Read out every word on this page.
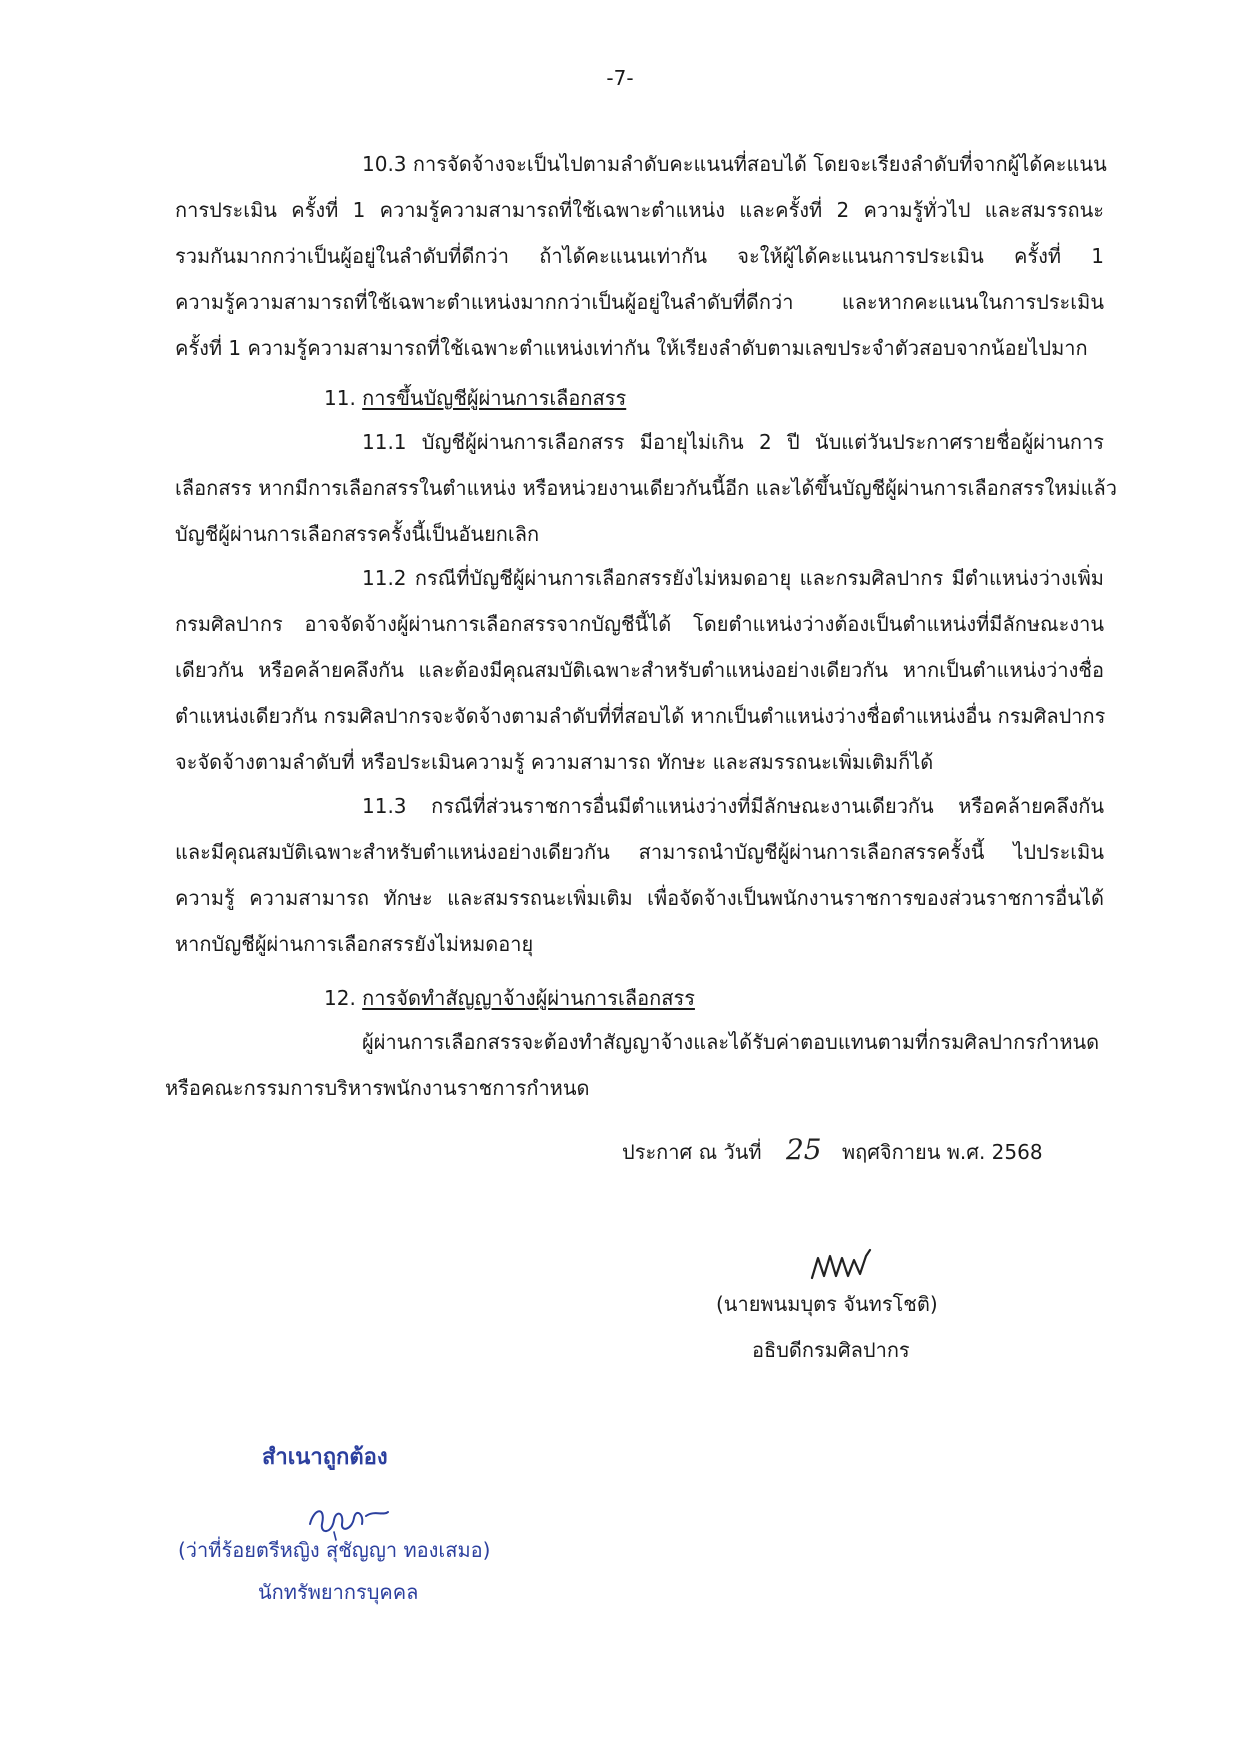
-7-
10.3 การจัดจ้างจะเป็นไปตามลำดับคะแนนที่สอบได้ โดยจะเรียงลำดับที่จากผู้ได้คะแนน
การประเมิน ครั้งที่ 1 ความรู้ความสามารถที่ใช้เฉพาะตำแหน่ง และครั้งที่ 2 ความรู้ทั่วไป และสมรรถนะ
รวมกันมากกว่าเป็นผู้อยู่ในลำดับที่ดีกว่า ถ้าได้คะแนนเท่ากัน จะให้ผู้ได้คะแนนการประเมิน ครั้งที่ 1
ความรู้ความสามารถที่ใช้เฉพาะตำแหน่งมากกว่าเป็นผู้อยู่ในลำดับที่ดีกว่า และหากคะแนนในการประเมิน
ครั้งที่ 1 ความรู้ความสามารถที่ใช้เฉพาะตำแหน่งเท่ากัน ให้เรียงลำดับตามเลขประจำตัวสอบจากน้อยไปมาก
11. การขึ้นบัญชีผู้ผ่านการเลือกสรร
11.1 บัญชีผู้ผ่านการเลือกสรร มีอายุไม่เกิน 2 ปี นับแต่วันประกาศรายชื่อผู้ผ่านการ
เลือกสรร หากมีการเลือกสรรในตำแหน่ง หรือหน่วยงานเดียวกันนี้อีก และได้ขึ้นบัญชีผู้ผ่านการเลือกสรรใหม่แล้ว
บัญชีผู้ผ่านการเลือกสรรครั้งนี้เป็นอันยกเลิก
11.2 กรณีที่บัญชีผู้ผ่านการเลือกสรรยังไม่หมดอายุ และกรมศิลปากร มีตำแหน่งว่างเพิ่ม
กรมศิลปากร อาจจัดจ้างผู้ผ่านการเลือกสรรจากบัญชีนี้ได้ โดยตำแหน่งว่างต้องเป็นตำแหน่งที่มีลักษณะงาน
เดียวกัน หรือคล้ายคลึงกัน และต้องมีคุณสมบัติเฉพาะสำหรับตำแหน่งอย่างเดียวกัน หากเป็นตำแหน่งว่างชื่อ
ตำแหน่งเดียวกัน กรมศิลปากรจะจัดจ้างตามลำดับที่ที่สอบได้ หากเป็นตำแหน่งว่างชื่อตำแหน่งอื่น กรมศิลปากร
จะจัดจ้างตามลำดับที่ หรือประเมินความรู้ ความสามารถ ทักษะ และสมรรถนะเพิ่มเติมก็ได้
11.3 กรณีที่ส่วนราชการอื่นมีตำแหน่งว่างที่มีลักษณะงานเดียวกัน หรือคล้ายคลึงกัน
และมีคุณสมบัติเฉพาะสำหรับตำแหน่งอย่างเดียวกัน สามารถนำบัญชีผู้ผ่านการเลือกสรรครั้งนี้ ไปประเมิน
ความรู้ ความสามารถ ทักษะ และสมรรถนะเพิ่มเติม เพื่อจัดจ้างเป็นพนักงานราชการของส่วนราชการอื่นได้
หากบัญชีผู้ผ่านการเลือกสรรยังไม่หมดอายุ
12. การจัดทำสัญญาจ้างผู้ผ่านการเลือกสรร
ผู้ผ่านการเลือกสรรจะต้องทำสัญญาจ้างและได้รับค่าตอบแทนตามที่กรมศิลปากรกำหนด
หรือคณะกรรมการบริหารพนักงานราชการกำหนด
ประกาศ ณ วันที่ 25 พฤศจิกายน พ.ศ. 2568
(นายพนมบุตร จันทรโชติ)
อธิบดีกรมศิลปากร
สำเนาถูกต้อง
(ว่าที่ร้อยตรีหญิง สุชัญญา ทองเสมอ)
นักทรัพยากรบุคคล
